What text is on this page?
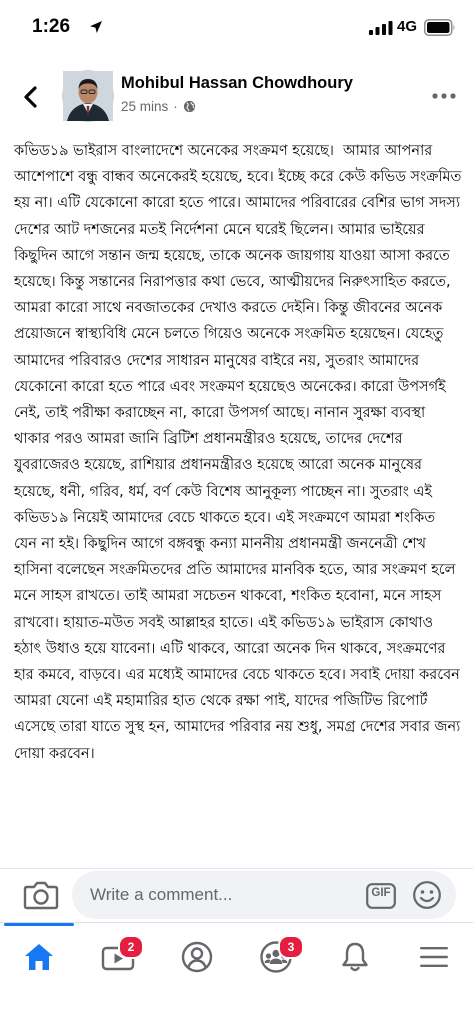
1:26	4G
Mohibul Hassan Chowdhoury
25 mins ·
কভিড১৯ ভাইরাস বাংলাদেশে অনেকের সংক্রমণ হয়েছে।  আমার আপনার আশেপাশে বন্ধু বান্ধব অনেকেরই হয়েছে, হবে। ইচ্ছে করে কেউ কভিড সংক্রমিত হয় না। এটি যেকোনো কারো হতে পারে। আমাদের পরিবারের বেশির ভাগ সদস্য দেশের আট দশজনের মতই নির্দেশনা মেনে ঘরেই ছিলেন। আমার ভাইয়ের কিছুদিন আগে সন্তান জন্ম হয়েছে, তাকে অনেক জায়গায় যাওয়া আসা করতে হয়েছে। কিন্তু সন্তানের নিরাপত্তার কথা ভেবে, আত্মীয়দের নিরুৎসাহিত করতে, আমরা কারো সাথে নবজাতকের দেখাও করতে দেইনি। কিন্তু জীবনের অনেক প্রয়োজনে স্বাস্থ্যবিধি মেনে চলতে গিয়েও অনেকে সংক্রমিত হয়েছেন। যেহেতু আমাদের পরিবারও দেশের সাধারন মানুষের বাইরে নয়, সুতরাং আমাদের যেকোনো কারো হতে পারে এবং সংক্রমণ হয়েছেও অনেকের। কারো উপসর্গই নেই, তাই পরীক্ষা করাচ্ছেন না, কারো উপসর্গ আছে। নানান সুরক্ষা ব্যবস্থা থাকার পরও আমরা জানি ব্রিটিশ প্রধানমন্ত্রীরও হয়েছে, তাদের দেশের যুবরাজেরও হয়েছে, রাশিয়ার প্রধানমন্ত্রীরও হয়েছে আরো অনেক মানুষের হয়েছে, ধনী, গরিব, ধর্ম, বর্ণ কেউ বিশেষ আনুকূল্য পাচ্ছেন না। সুতরাং এই কভিড১৯ নিয়েই আমাদের বেচে থাকতে হবে। এই সংক্রমণে আমরা শংকিত যেন না হই। কিছুদিন আগে বঙ্গবন্ধু কন্যা মাননীয় প্রধানমন্ত্রী জননেত্রী শেখ হাসিনা বলেছেন সংক্রমিতদের প্রতি আমাদের মানবিক হতে, আর সংক্রমণ হলে মনে সাহস রাখতে। তাই আমরা সচেতন থাকবো, শংকিত হবোনা, মনে সাহস রাখবো। হায়াত-মউত সবই আল্লাহর হাতে। এই কভিড১৯ ভাইরাস কোথাও হঠাৎ উধাও হয়ে যাবেনা। এটি থাকবে, আরো অনেক দিন থাকবে, সংক্রমণের হার কমবে, বাড়বে। এর মধ্যেই আমাদের বেচে থাকতে হবে। সবাই দোয়া করবেন আমরা যেনো এই মহামারির হাত থেকে রক্ষা পাই, যাদের পজিটিভ রিপোর্ট এসেছে তারা যাতে সুস্থ হন, আমাদের পরিবার নয় শুধু, সমগ্র দেশের সবার জন্য দোয়া করবেন।
Write a comment...
GIF
2	3
